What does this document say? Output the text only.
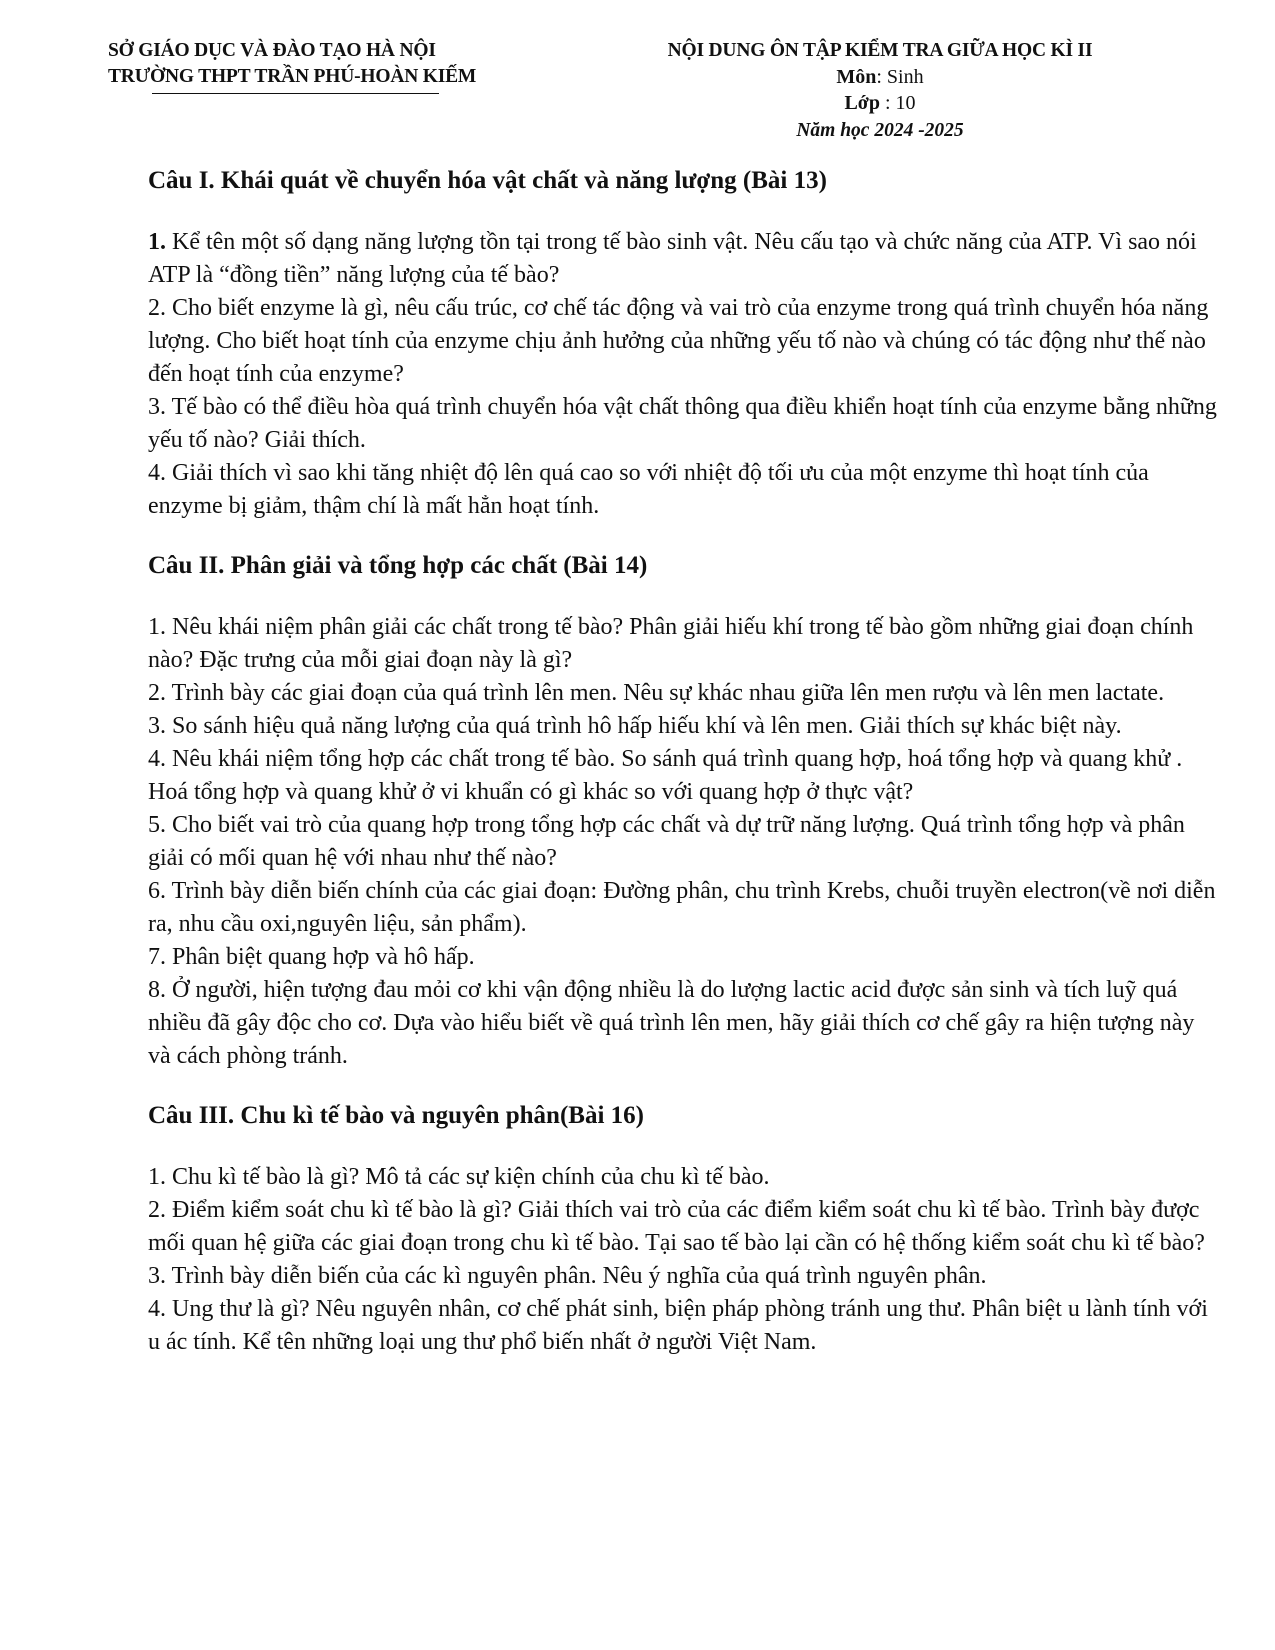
SỞ GIÁO DỤC VÀ ĐÀO TẠO HÀ NỘI
TRƯỜNG THPT TRẦN PHÚ-HOÀN KIẾM
NỘI DUNG ÔN TẬP KIỂM TRA GIỮA HỌC KÌ II
Môn: Sinh
Lớp : 10
Năm học 2024 -2025
Câu I. Khái quát về chuyển hóa vật chất và năng lượng (Bài 13)

1. Kể tên một số dạng năng lượng tồn tại trong tế bào sinh vật. Nêu cấu tạo và chức năng của ATP. Vì sao nói ATP là “đồng tiền” năng lượng của tế bào?

2. Cho biết enzyme là gì, nêu cấu trúc, cơ chế tác động và vai trò của enzyme trong quá trình chuyển hóa năng lượng. Cho biết hoạt tính của enzyme chịu ảnh hưởng của những yếu tố nào và chúng có tác động như thế nào đến hoạt tính của enzyme?

3. Tế bào có thể điều hòa quá trình chuyển hóa vật chất thông qua điều khiển hoạt tính của enzyme bằng những yếu tố nào? Giải thích.

4. Giải thích vì sao khi tăng nhiệt độ lên quá cao so với nhiệt độ tối ưu của một enzyme thì hoạt tính của enzyme bị giảm, thậm chí là mất hẳn hoạt tính.

Câu II. Phân giải và tổng hợp các chất (Bài 14)

1. Nêu khái niệm phân giải các chất trong tế bào? Phân giải hiếu khí trong tế bào gồm những giai đoạn chính nào? Đặc trưng của mỗi giai đoạn này là gì?

2. Trình bày các giai đoạn của quá trình lên men. Nêu sự khác nhau giữa lên men rượu và lên men lactate.

3. So sánh hiệu quả năng lượng của quá trình hô hấp hiếu khí và lên men. Giải thích sự khác biệt này.

4. Nêu khái niệm tổng hợp các chất trong tế bào. So sánh quá trình quang hợp, hoá tổng hợp và quang khử . Hoá tổng hợp và quang khử ở vi khuẩn có gì khác so với quang hợp ở thực vật?

5. Cho biết vai trò của quang hợp trong tổng hợp các chất và dự trữ năng lượng. Quá trình tổng hợp và phân giải có mối quan hệ với nhau như thế nào?

6. Trình bày diễn biến chính của các giai đoạn: Đường phân, chu trình Krebs, chuỗi truyền electron(về nơi diễn ra, nhu cầu oxi,nguyên liệu, sản phẩm).

7. Phân biệt quang hợp và hô hấp.

8. Ở người, hiện tượng đau mỏi cơ khi vận động nhiều là do lượng lactic acid được sản sinh và tích luỹ quá nhiều đã gây độc cho cơ. Dựa vào hiểu biết về quá trình lên men, hãy giải thích cơ chế gây ra hiện tượng này và cách phòng tránh.

Câu III. Chu kì tế bào và nguyên phân(Bài 16)

1. Chu kì tế bào là gì? Mô tả các sự kiện chính của chu kì tế bào.

2. Điểm kiểm soát chu kì tế bào là gì? Giải thích vai trò của các điểm kiểm soát chu kì tế bào. Trình bày được mối quan hệ giữa các giai đoạn trong chu kì tế bào. Tại sao tế bào lại cần có hệ thống kiểm soát chu kì tế bào?

3. Trình bày diễn biến của các kì nguyên phân. Nêu ý nghĩa của quá trình nguyên phân.

4. Ung thư là gì? Nêu nguyên nhân, cơ chế phát sinh, biện pháp phòng tránh ung thư. Phân biệt u lành tính với u ác tính. Kể tên những loại ung thư phổ biến nhất ở người Việt Nam.
